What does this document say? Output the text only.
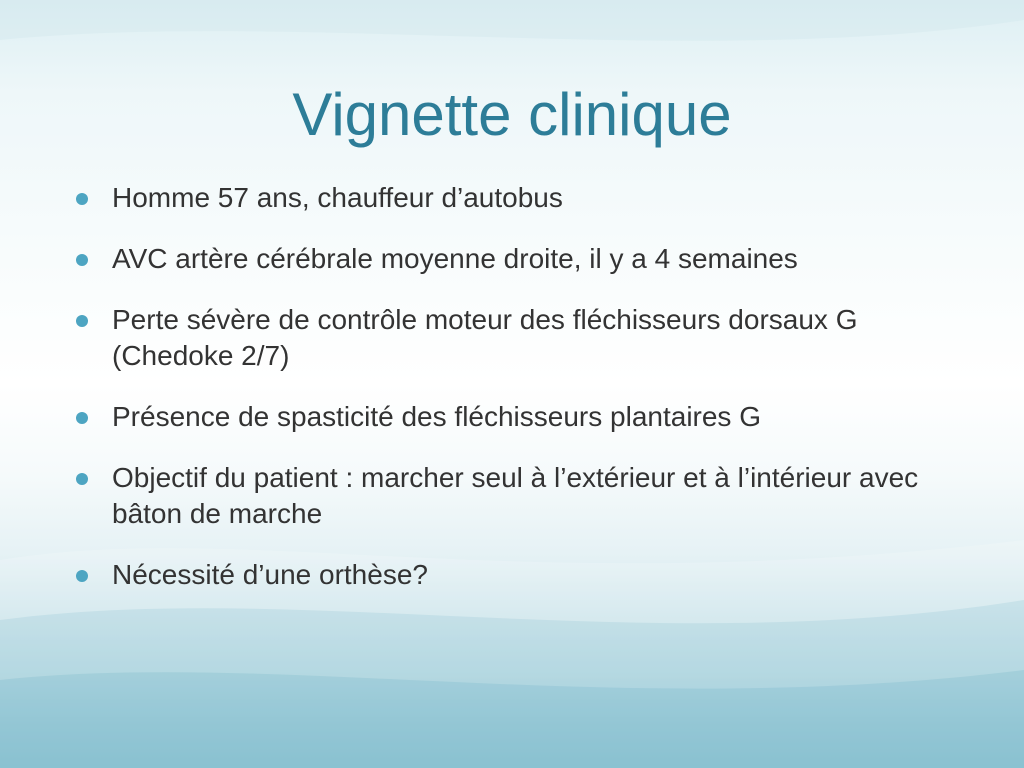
Vignette clinique
Homme 57 ans, chauffeur d’autobus
AVC artère cérébrale moyenne droite, il y a 4 semaines
Perte sévère de contrôle moteur des fléchisseurs dorsaux G (Chedoke 2/7)
Présence de spasticité des fléchisseurs plantaires G
Objectif du patient : marcher seul à l’extérieur et à l’intérieur avec bâton de marche
Nécessité d’une orthèse?
